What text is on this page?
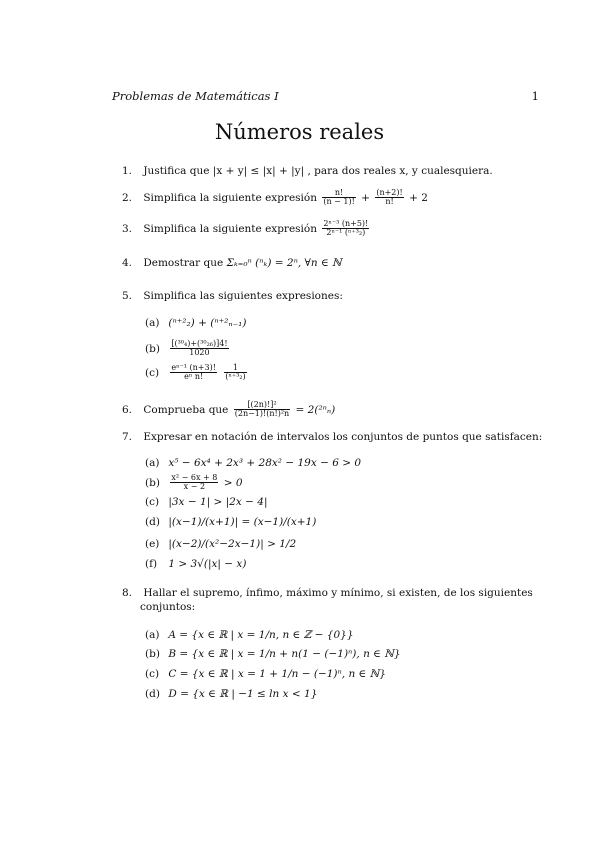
Problemas de Matemáticas I	1
Números reales
1. Justifica que |x + y| ≤ |x| + |y| , para dos reales x, y cualesquiera.
2. Simplifica la siguiente expresión $\frac{n!}{(n - 1)!} + \frac{(n+2)!}{n!} + 2$
3. Simplifica la siguiente expresión $\frac{\text{2ⁿ⁻³ (n+5)!}}{\text{2ⁿ⁻¹ (ⁿ⁺³₂)}}$
4. Demostrar que Σₖ₌₀ⁿ (ⁿₖ) = 2ⁿ, ∀n ∈ ℕ
5. Simplifica las siguientes expresiones:
(a) (ⁿ⁺²₂) + (ⁿ⁺²ₙ₋₁)
$(b) \frac{\text{[(³⁰₄)+(³⁰₂₆)]4!}}{1020}$
$(c) \frac{\text{eⁿ⁻¹ (n+3)!}}{\text{eⁿ n!}}$
$\frac{1}{\text{(ⁿ⁺³₂)}}$
6. Comprueba que $\frac{\text{[(2n)!]²}}{\text{(2n−1)!(n!)²n}} = 2(^{2n}_n)$
7. Expresar en notación de intervalos los conjuntos de puntos que satisfacen:
(a) x⁵ − 6x⁴ + 2x³ + 28x² − 19x − 6 > 0
$(b) \frac{\text{x² − 6x + 8}}{x - 2} > 0$
(c) |3x − 1| > |2x − 4|
(d) |(x−1)/(x+1)| = (x−1)/(x+1)
(e) |(x−2)/(x²−2x−1)| > 1/2
(f) 1 > 3√(|x| − x)
8. Hallar el supremo, ínfimo, máximo y mínimo, si existen, de los siguientes
conjuntos:
(a) A = {x ∈ ℝ | x = 1/n, n ∈ ℤ − {0}}
(b) B = {x ∈ ℝ | x = 1/n + n(1 − (−1)ⁿ), n ∈ ℕ}
(c) C = {x ∈ ℝ | x = 1 + 1/n − (−1)ⁿ, n ∈ ℕ}
(d) D = {x ∈ ℝ | −1 ≤ ln x < 1}
